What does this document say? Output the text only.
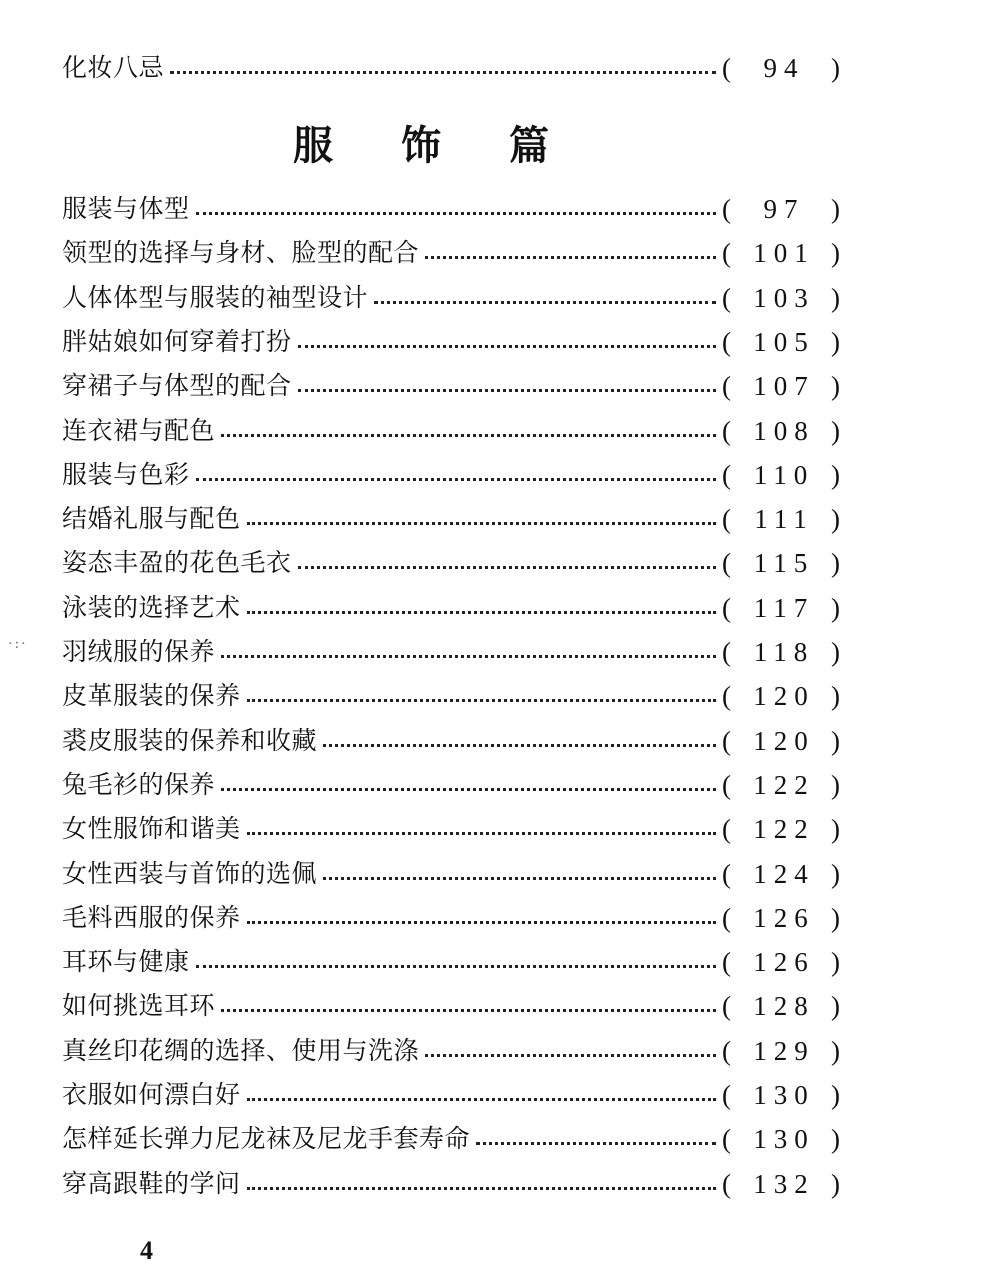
化妆八忌	(	94 )
服饰篇
服装与体型	(	97 )
领型的选择与身材、脸型的配合	( 101 )
人体体型与服装的袖型设计	( 103 )
胖姑娘如何穿着打扮	( 105 )
穿裙子与体型的配合	( 107 )
连衣裙与配色	( 108 )
服装与色彩	( 110 )
结婚礼服与配色	( 111 )
姿态丰盈的花色毛衣	( 115 )
泳装的选择艺术	( 117 )
羽绒服的保养	( 118 )
皮革服装的保养	( 120 )
裘皮服装的保养和收藏	( 120 )
兔毛衫的保养	( 122 )
女性服饰和谐美	( 122 )
女性西装与首饰的选佩	( 124 )
毛料西服的保养	( 126 )
耳环与健康	( 126 )
如何挑选耳环	( 128 )
真丝印花绸的选择、使用与洗涤	( 129 )
衣服如何漂白好	( 130 )
怎样延长弹力尼龙袜及尼龙手套寿命	( 130 )
穿高跟鞋的学问	( 132 )
·:·
4
